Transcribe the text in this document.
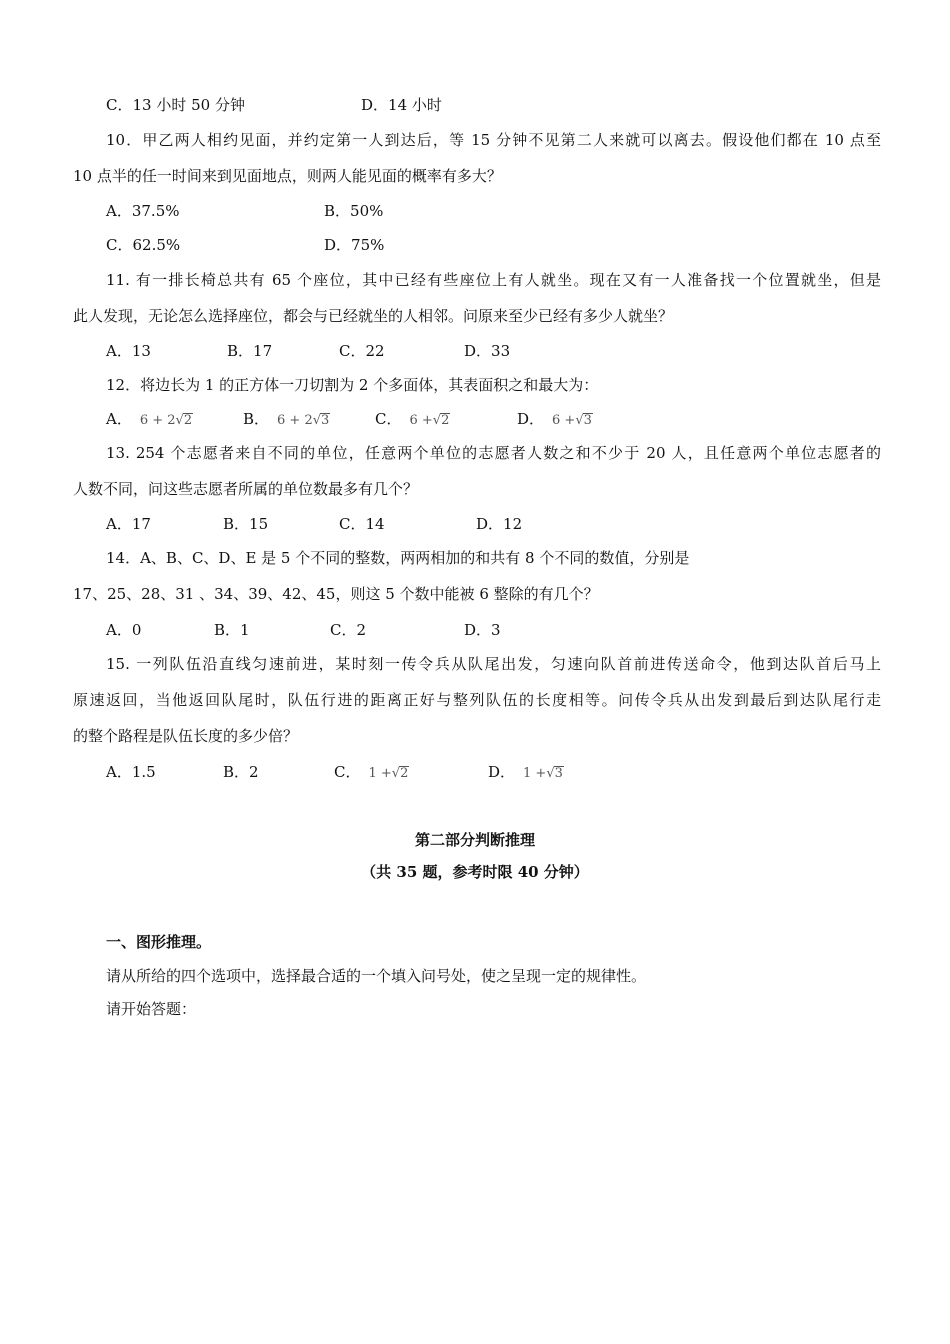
C．13 小时 50 分钟	D．14 小时
10．甲乙两人相约见面，并约定第一人到达后，等 15 分钟不见第二人来就可以离去。假设他们都在 10 点至
10 点半的任一时间来到见面地点，则两人能见面的概率有多大？
A．37.5%	B．50%
C．62.5%	D．75%
11. 有一排长椅总共有 65 个座位，其中已经有些座位上有人就坐。现在又有一人准备找一个位置就坐，但是
此人发现，无论怎么选择座位，都会与已经就坐的人相邻。问原来至少已经有多少人就坐？
A．13	B．17	C．22	D．33
12．将边长为 1 的正方体一刀切割为 2 个多面体，其表面积之和最大为：
A． 6 + 2√2	B． 6 + 2√3	C． 6 +√2	D． 6 +√3
13. 254 个志愿者来自不同的单位，任意两个单位的志愿者人数之和不少于 20 人，且任意两个单位志愿者的
人数不同，问这些志愿者所属的单位数最多有几个？
A．17	B．15	C．14	D．12
14．A、B、C、D、E 是 5 个不同的整数，两两相加的和共有 8 个不同的数值，分别是
17、25、28、31 、34、39、42、45，则这 5 个数中能被 6 整除的有几个？
A．0	B．1	C．2	D．3
15. 一列队伍沿直线匀速前进，某时刻一传令兵从队尾出发，匀速向队首前进传送命令，他到达队首后马上
原速返回，当他返回队尾时，队伍行进的距离正好与整列队伍的长度相等。问传令兵从出发到最后到达队尾行走
的整个路程是队伍长度的多少倍？
A．1.5	B．2	C． 1 +√2	D． 1 +√3
第二部分判断推理
（共 35 题，参考时限 40 分钟）
一、图形推理。
请从所给的四个选项中，选择最合适的一个填入问号处，使之呈现一定的规律性。
请开始答题：
